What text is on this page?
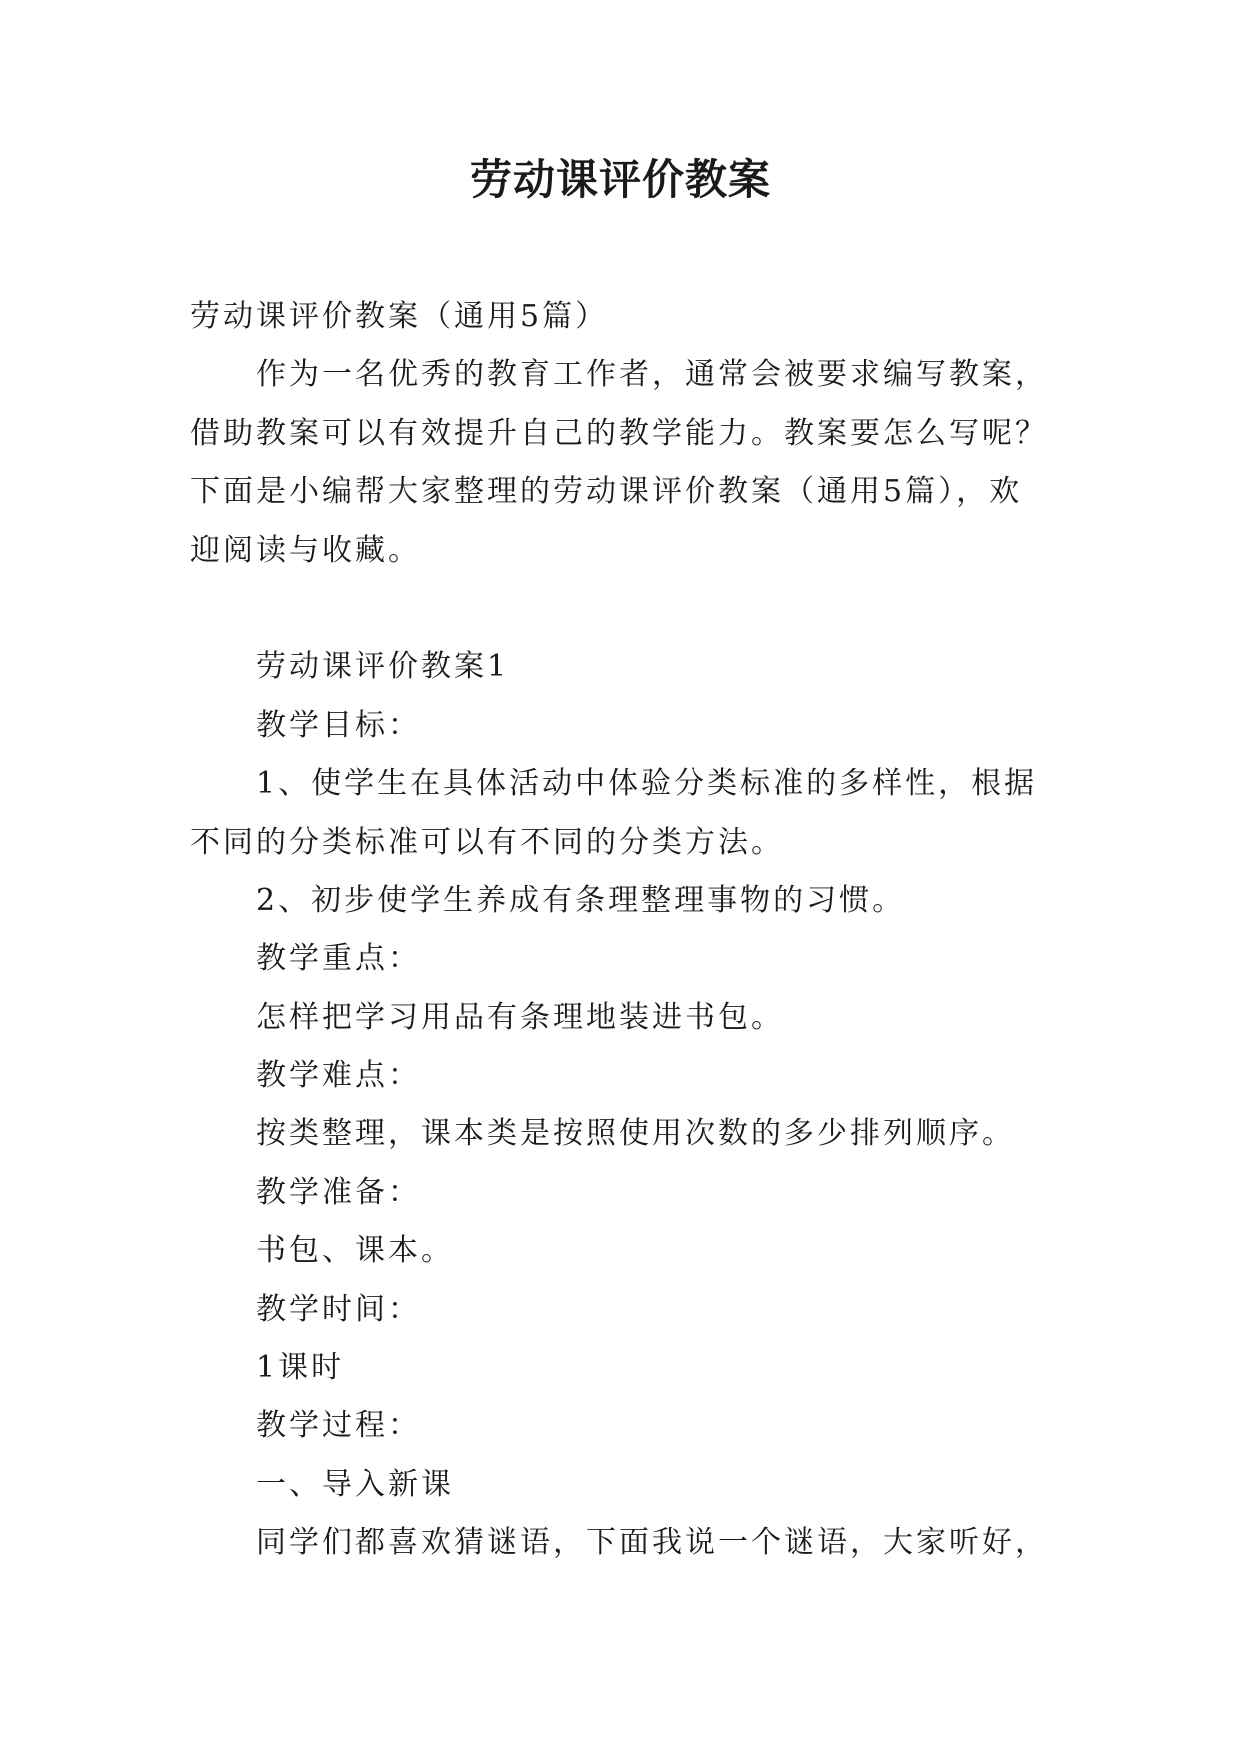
劳动课评价教案
劳动课评价教案（通用5篇）
作为一名优秀的教育工作者，通常会被要求编写教案，
借助教案可以有效提升自己的教学能力。教案要怎么写呢？
下面是小编帮大家整理的劳动课评价教案（通用5篇），欢
迎阅读与收藏。
劳动课评价教案1
教学目标：
1、使学生在具体活动中体验分类标准的多样性，根据
不同的分类标准可以有不同的分类方法。
2、初步使学生养成有条理整理事物的习惯。
教学重点：
怎样把学习用品有条理地装进书包。
教学难点：
按类整理，课本类是按照使用次数的多少排列顺序。
教学准备：
书包、课本。
教学时间：
1课时
教学过程：
一、导入新课
同学们都喜欢猜谜语，下面我说一个谜语，大家听好，
